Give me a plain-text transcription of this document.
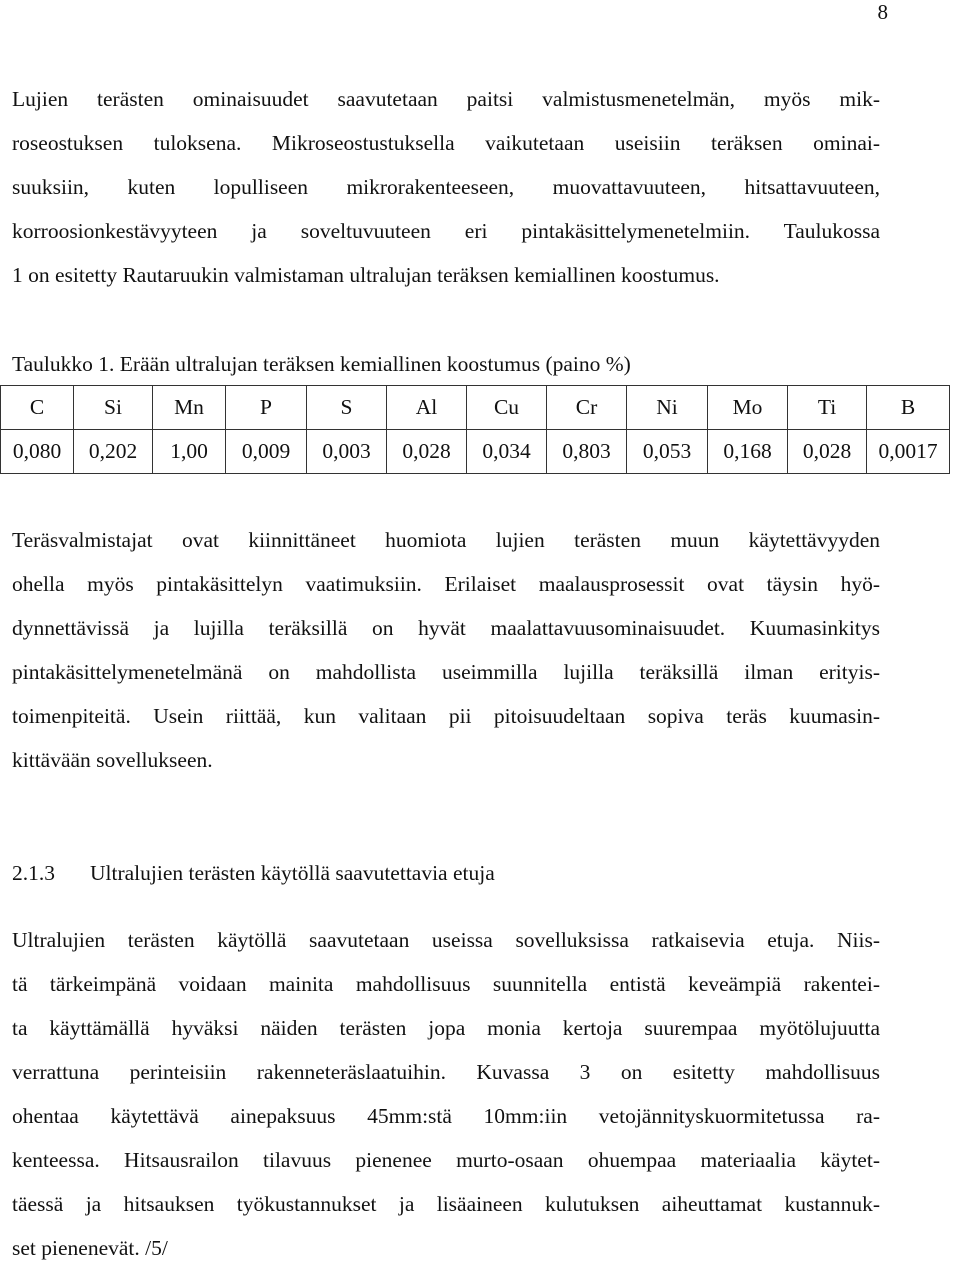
8

Lujien terästen ominaisuudet saavutetaan paitsi valmistusmenetelmän, myös mik-
roseostuksen tuloksena. Mikroseostustuksella vaikutetaan useisiin teräksen ominai-
suuksiin, kuten lopulliseen mikrorakenteeseen, muovattavuuteen, hitsattavuuteen,
korroosionkestävyyteen ja soveltuvuuteen eri pintakäsittelymenetelmiin. Taulukossa
1 on esitetty Rautaruukin valmistaman ultralujan teräksen kemiallinen koostumus.

Taulukko 1. Erään ultralujan teräksen kemiallinen koostumus (paino %)

C	Si	Mn	P	S	Al	Cu	Cr	Ni	Mo	Ti	B
0,080	0,202	1,00	0,009	0,003	0,028	0,034	0,803	0,053	0,168	0,028	0,0017

Teräsvalmistajat ovat kiinnittäneet huomiota lujien terästen muun käytettävyyden
ohella myös pintakäsittelyn vaatimuksiin. Erilaiset maalausprosessit ovat täysin hyö-
dynnettävissä ja lujilla teräksillä on hyvät maalattavuusominaisuudet. Kuumasinkitys
pintakäsittelymenetelmänä on mahdollista useimmilla lujilla teräksillä ilman erityis-
toimenpiteitä. Usein riittää, kun valitaan pii pitoisuudeltaan sopiva teräs kuumasin-
kittävään sovellukseen.

2.1.3 Ultralujien terästen käytöllä saavutettavia etuja

Ultralujien terästen käytöllä saavutetaan useissa sovelluksissa ratkaisevia etuja. Niis-
tä tärkeimpänä voidaan mainita mahdollisuus suunnitella entistä keveämpiä rakentei-
ta käyttämällä hyväksi näiden terästen jopa monia kertoja suurempaa myötölujuutta
verrattuna perinteisiin rakenneteräslaatuihin. Kuvassa 3 on esitetty mahdollisuus
ohentaa käytettävä ainepaksuus 45mm:stä 10mm:iin vetojännityskuormitetussa ra-
kenteessa. Hitsausrailon tilavuus pienenee murto-osaan ohuempaa materiaalia käytet-
täessä ja hitsauksen työkustannukset ja lisäaineen kulutuksen aiheuttamat kustannuk-
set pienenevät. /5/
